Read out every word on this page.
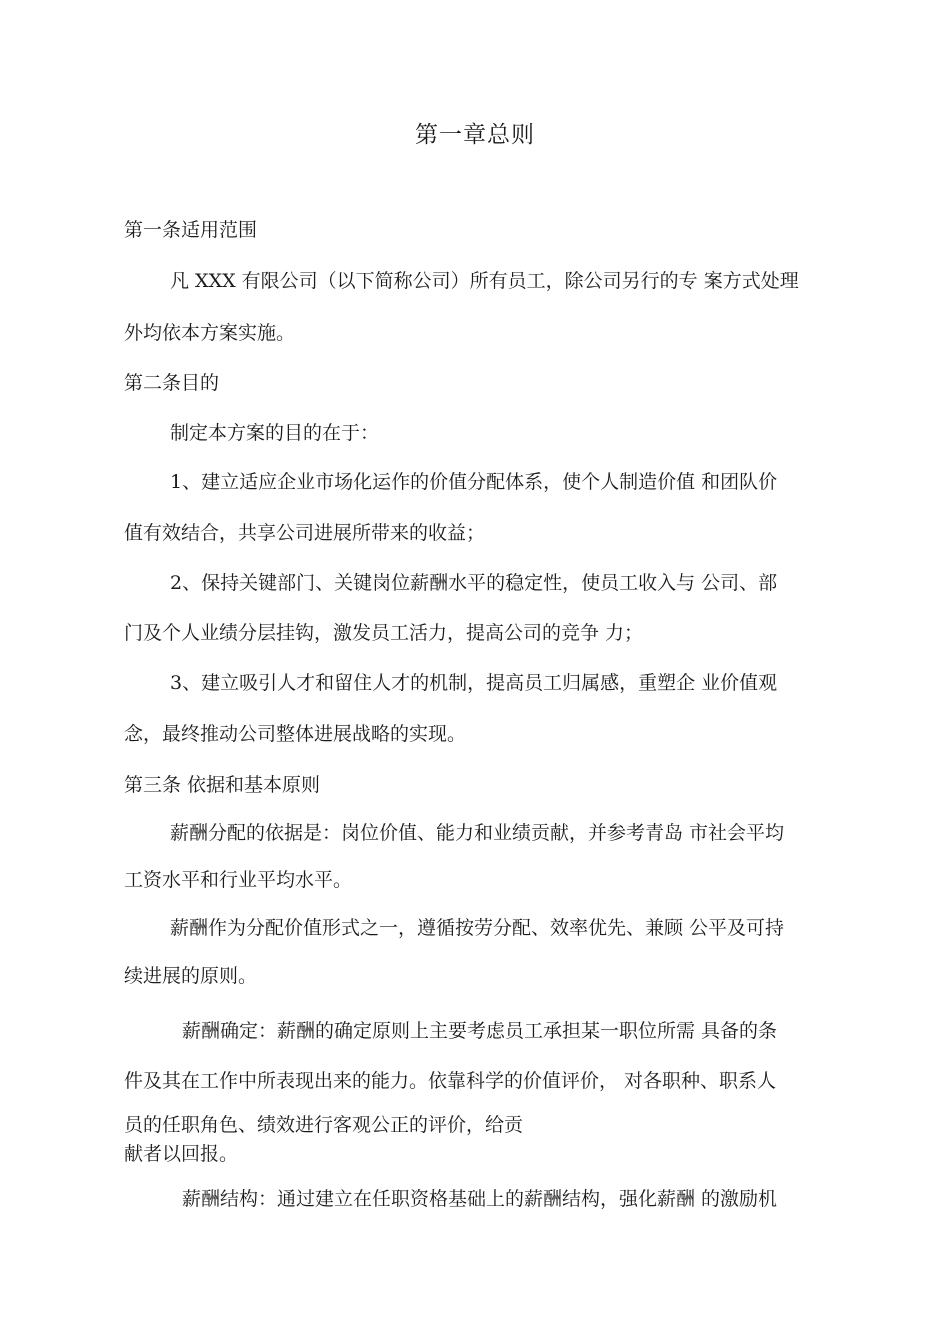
第一章总则
第一条适用范围
凡 XXX 有限公司（以下简称公司）所有员工，除公司另行的专 案方式处理
外均依本方案实施。
第二条目的
制定本方案的目的在于：
1、建立适应企业市场化运作的价值分配体系，使个人制造价值 和团队价
值有效结合，共享公司进展所带来的收益；
2、保持关键部门、关键岗位薪酬水平的稳定性，使员工收入与 公司、部
门及个人业绩分层挂钩，激发员工活力，提高公司的竞争 力；
3、建立吸引人才和留住人才的机制，提高员工归属感，重塑企 业价值观
念，最终推动公司整体进展战略的实现。
第三条 依据和基本原则
薪酬分配的依据是：岗位价值、能力和业绩贡献，并参考青岛 市社会平均
工资水平和行业平均水平。
薪酬作为分配价值形式之一，遵循按劳分配、效率优先、兼顾 公平及可持
续进展的原则。
薪酬确定：薪酬的确定原则上主要考虑员工承担某一职位所需 具备的条
件及其在工作中所表现出来的能力。依靠科学的价值评价， 对各职种、职系人
员的任职角色、绩效进行客观公正的评价，给贡
献者以回报。
薪酬结构：通过建立在任职资格基础上的薪酬结构，强化薪酬 的激励机
